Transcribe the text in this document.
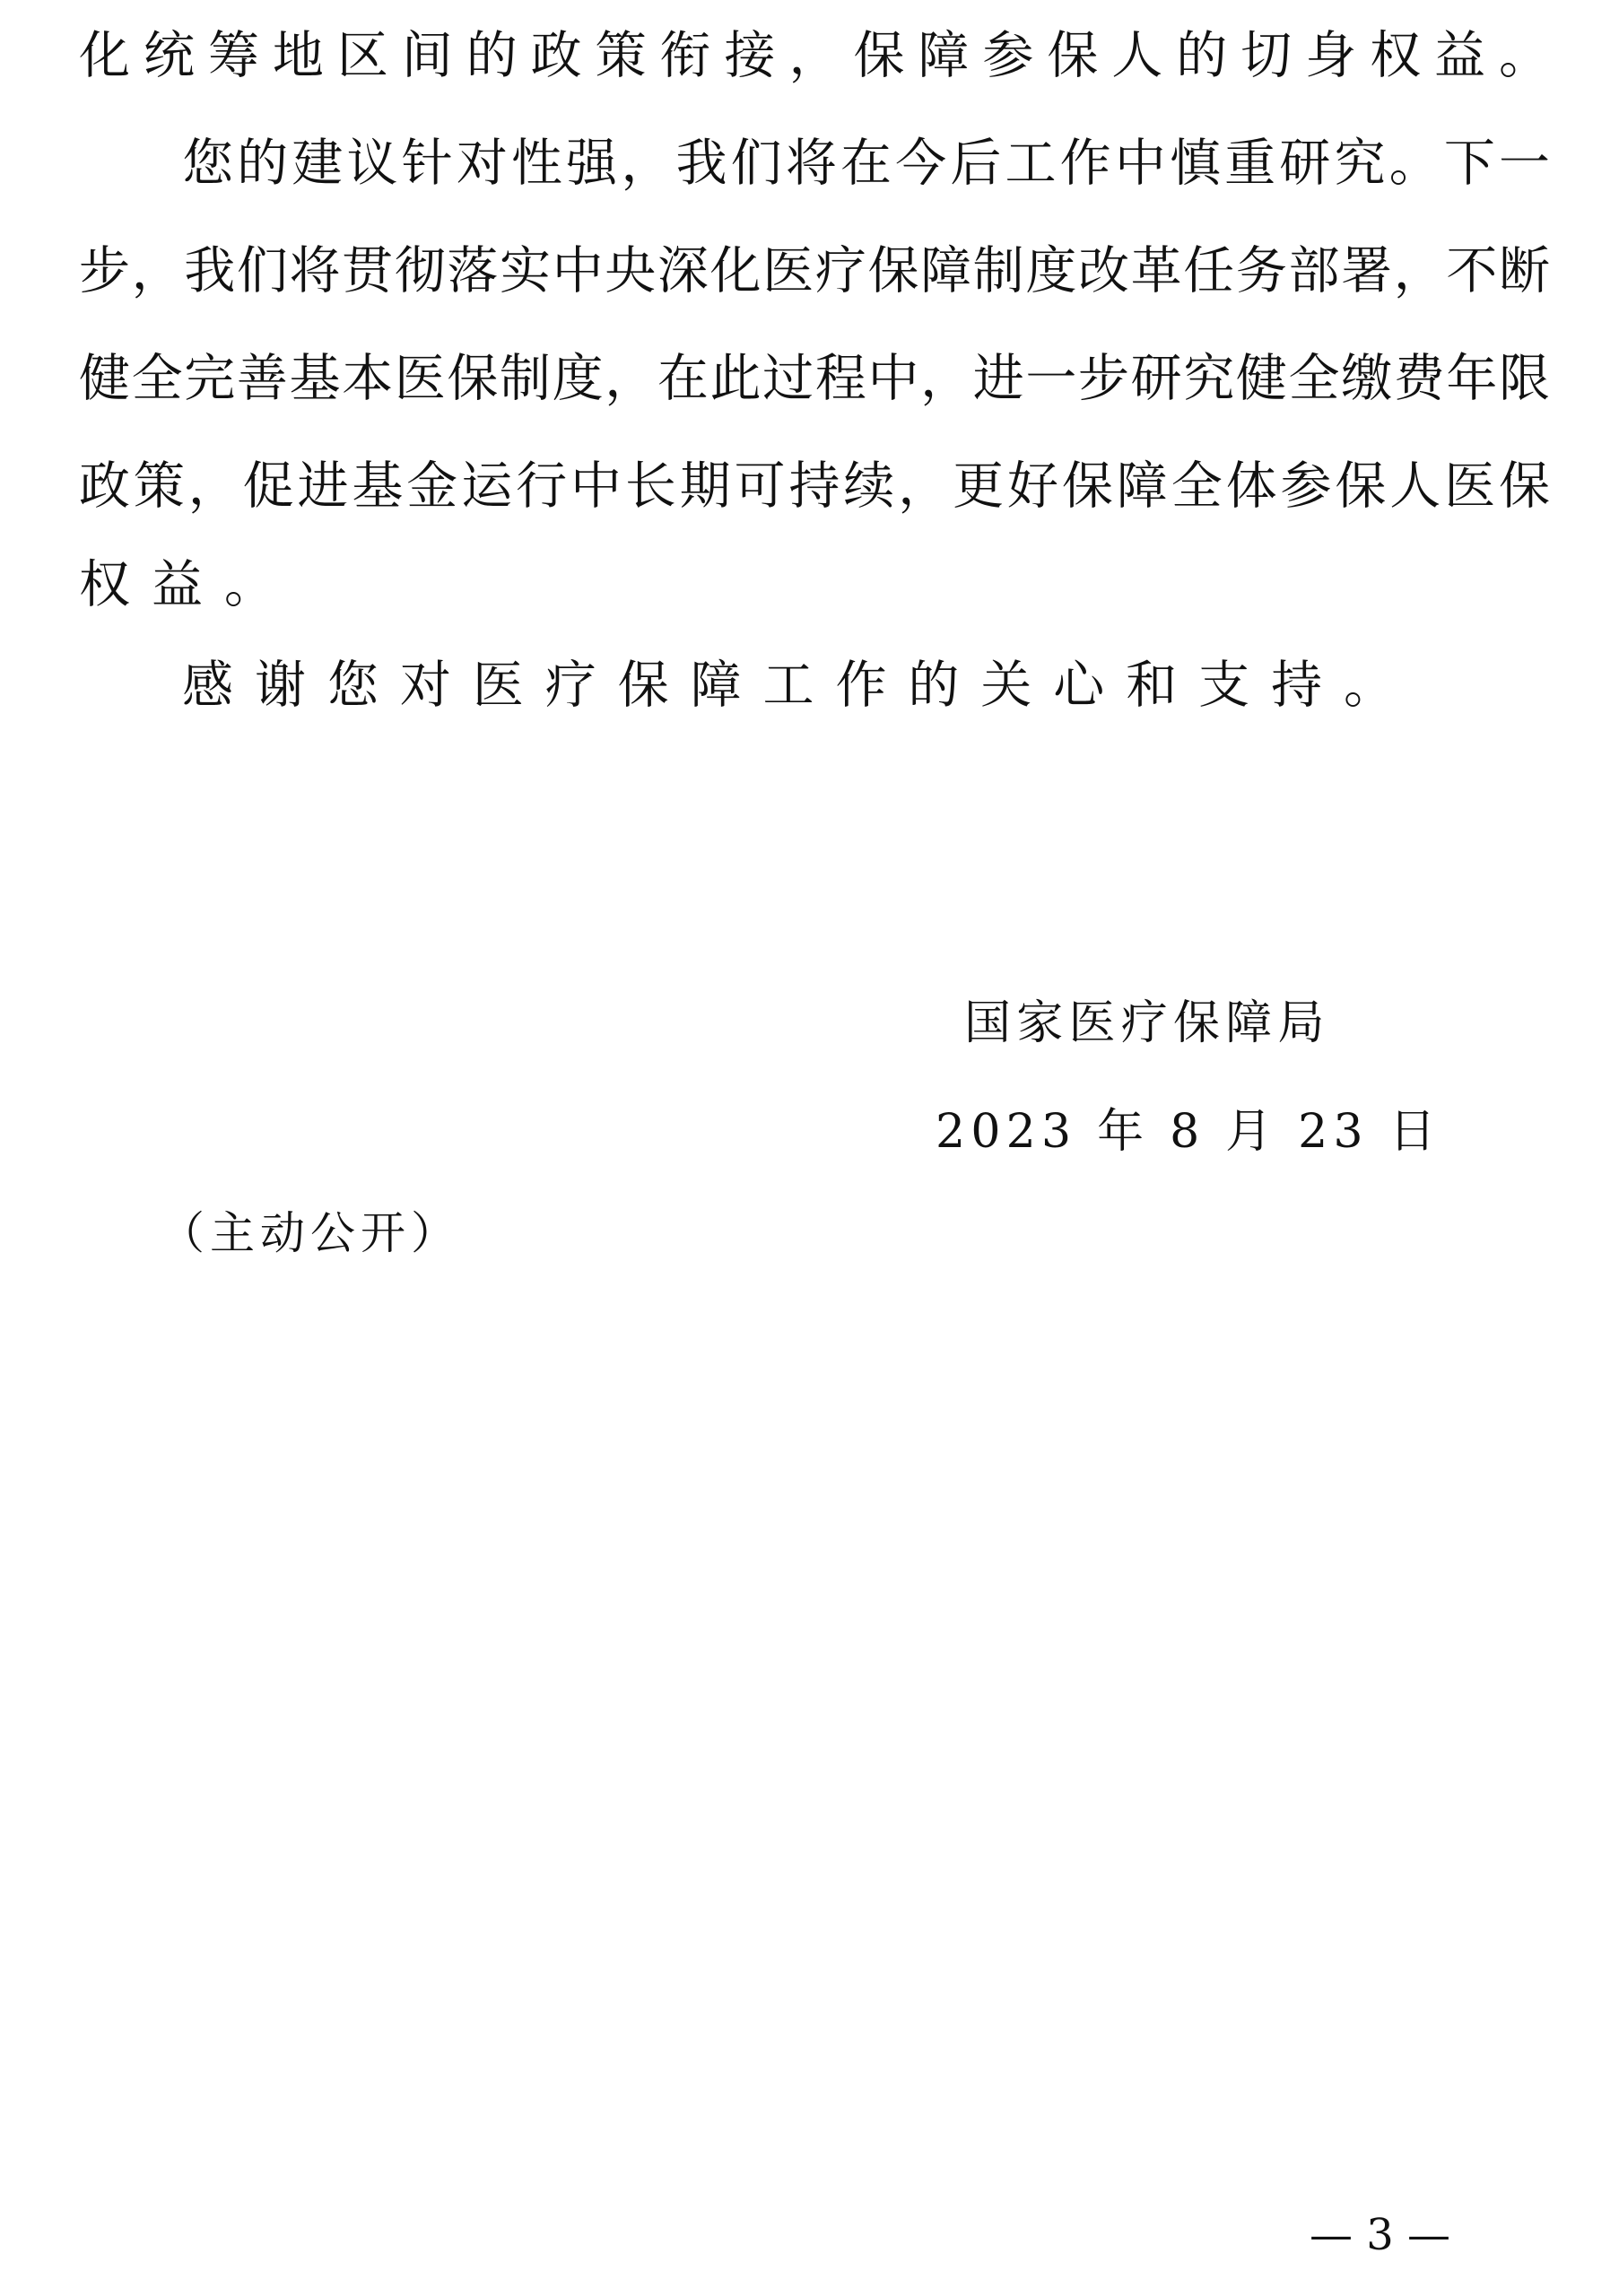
化统筹地区间的政策衔接，保障参保人的切身权益。
您的建议针对性强，我们将在今后工作中慎重研究。下一
步，我们将贯彻落实中央深化医疗保障制度改革任务部署，不断
健全完善基本医保制度，在此过程中，进一步研究健全缴费年限
政策，促进基金运行中长期可持续，更好保障全体参保人医保
权益。
感谢您对医疗保障工作的关心和支持。
国家医疗保障局
2023 年 8 月 23 日
（主动公开）
— 3 —
